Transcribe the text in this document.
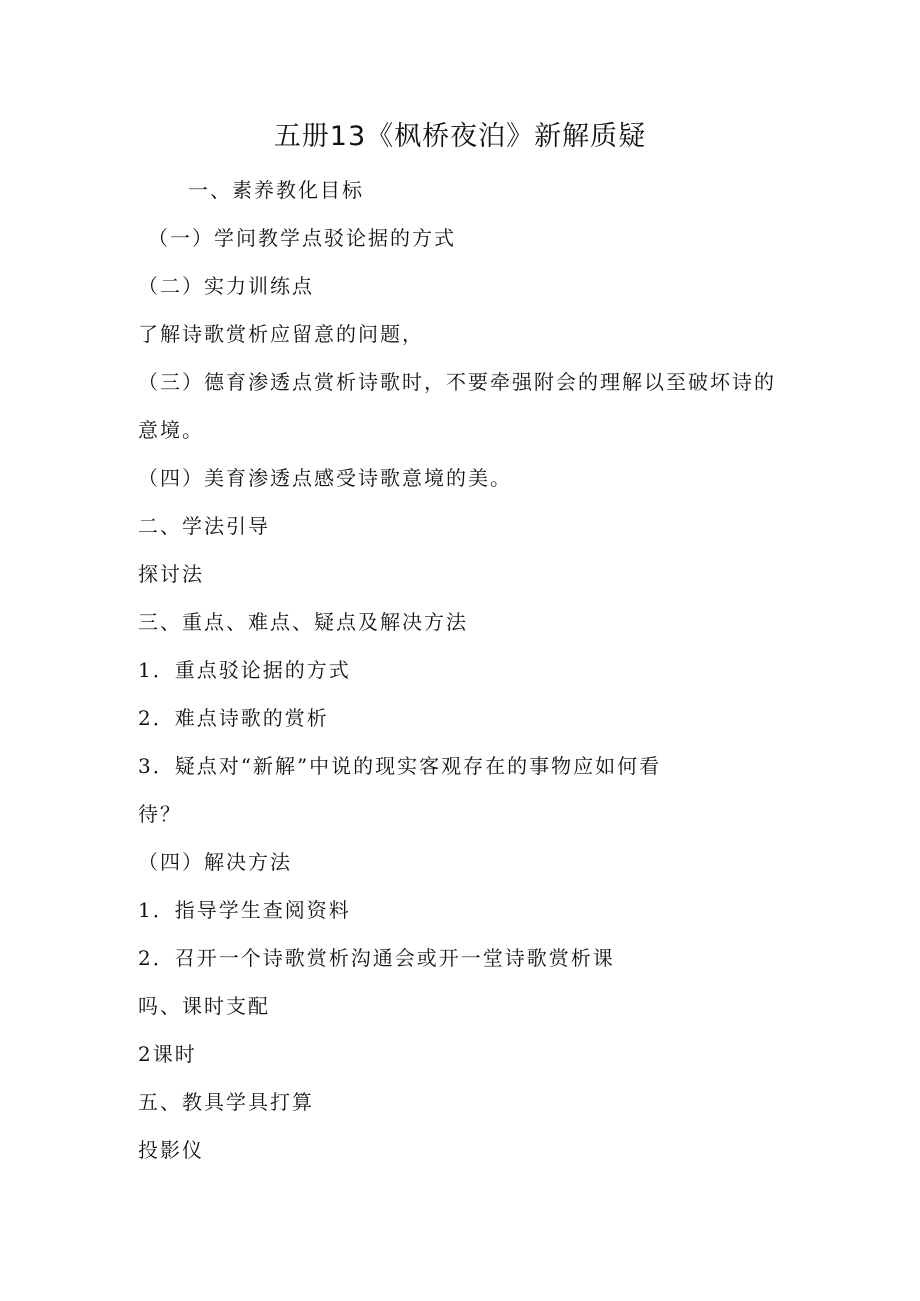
五册13《枫桥夜泊》新解质疑

一、素养教化目标

（一）学问教学点驳论据的方式

（二）实力训练点

了解诗歌赏析应留意的问题，

（三）德育渗透点赏析诗歌时，不要牵强附会的理解以至破坏诗的

意境。

（四）美育渗透点感受诗歌意境的美。

二、学法引导

探讨法

三、重点、难点、疑点及解决方法

1．重点驳论据的方式

2．难点诗歌的赏析

3．疑点对“新解”中说的现实客观存在的事物应如何看

待？

（四）解决方法

1．指导学生查阅资料

2．召开一个诗歌赏析沟通会或开一堂诗歌赏析课

吗、课时支配

2课时

五、教具学具打算

投影仪
